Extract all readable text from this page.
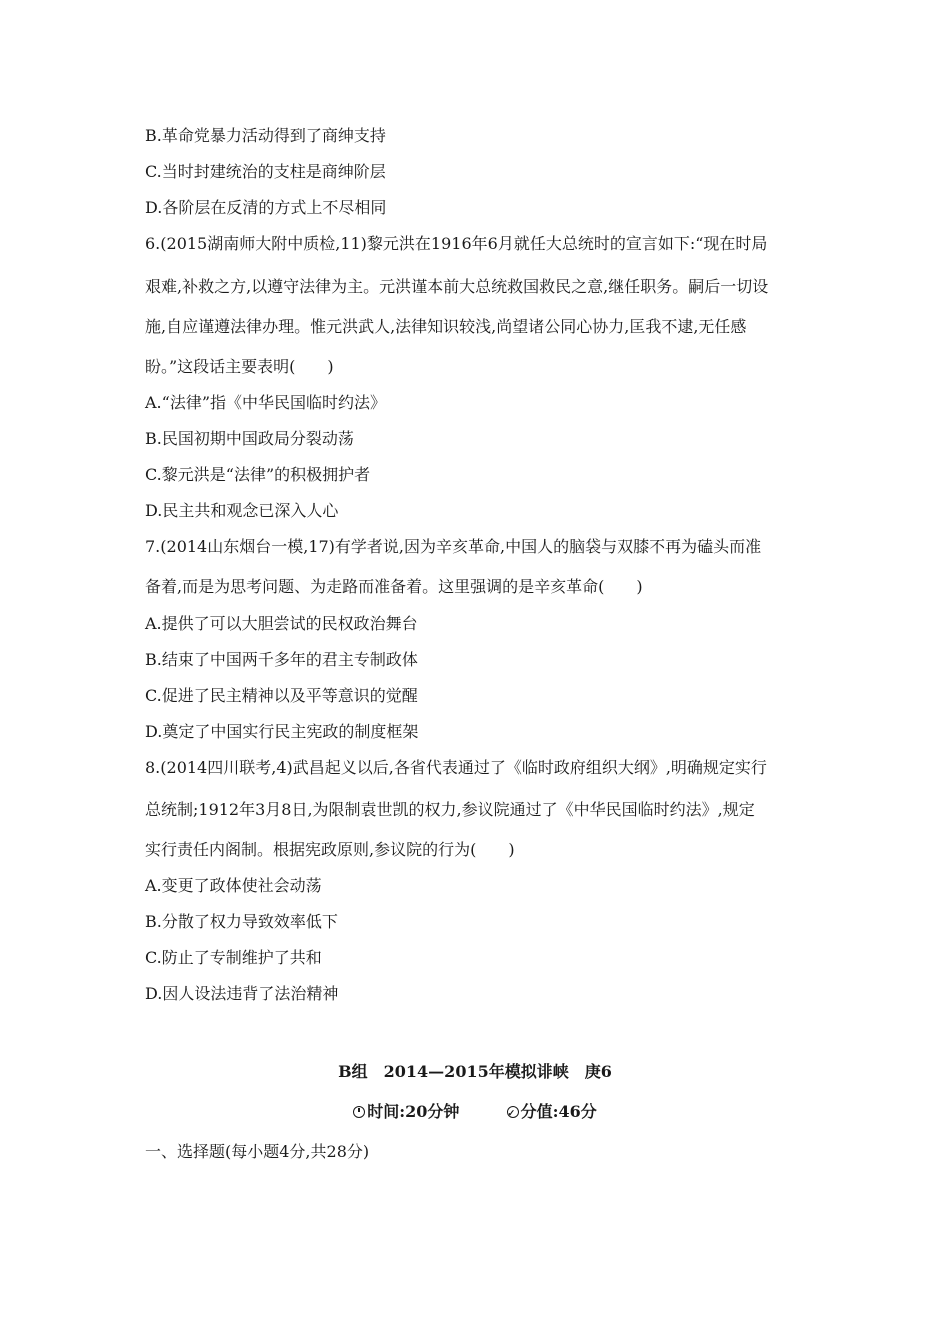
B.革命党暴力活动得到了商绅支持
C.当时封建统治的支柱是商绅阶层
D.各阶层在反清的方式上不尽相同
6.(2015湖南师大附中质检,11)黎元洪在1916年6月就任大总统时的宣言如下:“现在时局
艰难,补救之方,以遵守法律为主。元洪谨本前大总统救国救民之意,继任职务。嗣后一切设
施,自应谨遵法律办理。惟元洪武人,法律知识较浅,尚望诸公同心协力,匡我不逮,无任感
盼。”这段话主要表明(　　)
A.“法律”指《中华民国临时约法》
B.民国初期中国政局分裂动荡
C.黎元洪是“法律”的积极拥护者
D.民主共和观念已深入人心
7.(2014山东烟台一模,17)有学者说,因为辛亥革命,中国人的脑袋与双膝不再为磕头而准
备着,而是为思考问题、为走路而准备着。这里强调的是辛亥革命(　　)
A.提供了可以大胆尝试的民权政治舞台
B.结束了中国两千多年的君主专制政体
C.促进了民主精神以及平等意识的觉醒
D.奠定了中国实行民主宪政的制度框架
8.(2014四川联考,4)武昌起义以后,各省代表通过了《临时政府组织大纲》,明确规定实行
总统制;1912年3月8日,为限制袁世凯的权力,参议院通过了《中华民国临时约法》,规定
实行责任内阁制。根据宪政原则,参议院的行为(　　)
A.变更了政体使社会动荡
B.分散了权力导致效率低下
C.防止了专制维护了共和
D.因人设法违背了法治精神
B组　2014—2015年模拟诽峡　庚6
时间:20分钟  ✓	分值:46分
一、选择题(每小题4分,共28分)
